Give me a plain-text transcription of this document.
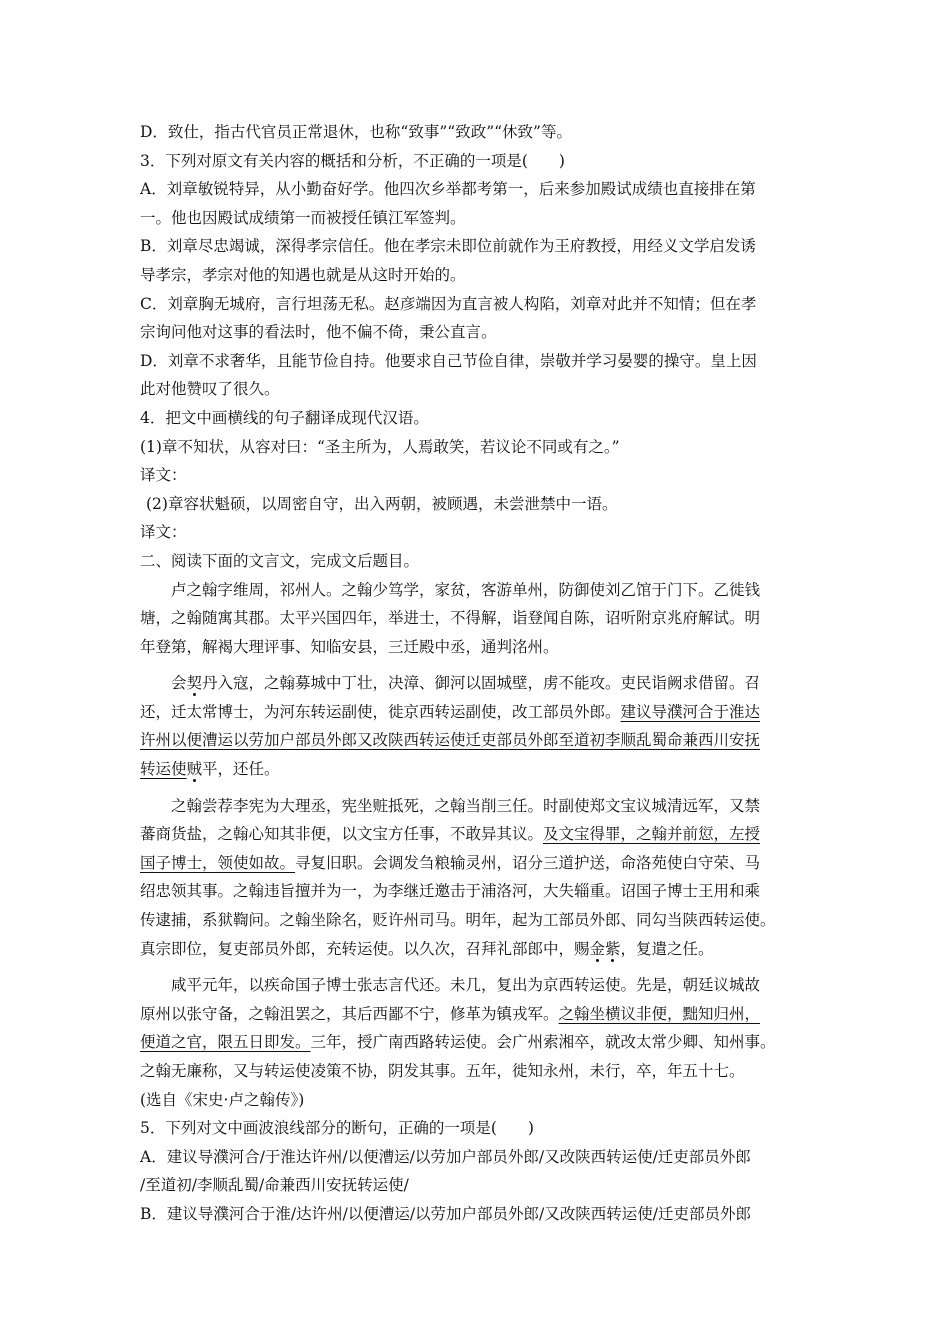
D．致仕，指古代官员正常退休，也称“致事”“致政”“休致”等。
3．下列对原文有关内容的概括和分析，不正确的一项是(　　)
A．刘章敏锐特异，从小勤奋好学。他四次乡举都考第一，后来参加殿试成绩也直接排在第
一。他也因殿试成绩第一而被授任镇江军签判。
B．刘章尽忠竭诚，深得孝宗信任。他在孝宗未即位前就作为王府教授，用经义文学启发诱
导孝宗，孝宗对他的知遇也就是从这时开始的。
C．刘章胸无城府，言行坦荡无私。赵彦端因为直言被人构陷，刘章对此并不知情；但在孝
宗询问他对这事的看法时，他不偏不倚，秉公直言。
D．刘章不求奢华，且能节俭自持。他要求自己节俭自律，崇敬并学习晏婴的操守。皇上因
此对他赞叹了很久。
4．把文中画横线的句子翻译成现代汉语。
(1)章不知状，从容对曰：“圣主所为，人焉敢笑，若议论不同或有之。”
译文：
(2)章容状魁硕，以周密自守，出入两朝，被顾遇，未尝泄禁中一语。
译文：
二、阅读下面的文言文，完成文后题目。
卢之翰字维周，祁州人。之翰少笃学，家贫，客游单州，防御使刘乙馆于门下。乙徙钱
塘，之翰随寓其郡。太平兴国四年，举进士，不得解，诣登闻自陈，诏听附京兆府解试。明
年登第，解褐大理评事、知临安县，三迁殿中丞，通判洺州。
会契丹入寇，之翰募城中丁壮，决漳、御河以固城壁，虏不能攻。吏民诣阙求借留。召
还，迁太常博士，为河东转运副使，徙京西转运副使，改工部员外郎。建议导濮河合于淮达
许州以便漕运以劳加户部员外郎又改陕西转运使迁吏部员外郎至道初李顺乱蜀命兼西川安抚
转运使贼平，还任。
之翰尝荐李宪为大理丞，宪坐赃抵死，之翰当削三任。时副使郑文宝议城清远军，又禁
蕃商货盐，之翰心知其非便，以文宝方任事，不敢异其议。及文宝得罪，之翰并前愆，左授
国子博士，领使如故。寻复旧职。会调发刍粮输灵州，诏分三道护送，命洛苑使白守荣、马
绍忠领其事。之翰违旨擅并为一，为李继迁邀击于浦洛河，大失辎重。诏国子博士王用和乘
传逮捕，系狱鞫问。之翰坐除名，贬许州司马。明年，起为工部员外郎、同勾当陕西转运使。
真宗即位，复吏部员外郎，充转运使。以久次，召拜礼部郎中，赐金紫，复遣之任。
咸平元年，以疾命国子博士张志言代还。未几，复出为京西转运使。先是，朝廷议城故
原州以张守备，之翰沮罢之，其后西鄙不宁，修革为镇戎军。之翰坐横议非便，黜知归州，
便道之官，限五日即发。三年，授广南西路转运使。会广州索湘卒，就改太常少卿、知州事。
之翰无廉称，又与转运使凌策不协，阴发其事。五年，徙知永州，未行，卒，年五十七。
(选自《宋史·卢之翰传》)
5．下列对文中画波浪线部分的断句，正确的一项是(　　)
A．建议导濮河合/于淮达许州/以便漕运/以劳加户部员外郎/又改陕西转运使/迁吏部员外郎
/至道初/李顺乱蜀/命兼西川安抚转运使/
B．建议导濮河合于淮/达许州/以便漕运/以劳加户部员外郎/又改陕西转运使/迁吏部员外郎
